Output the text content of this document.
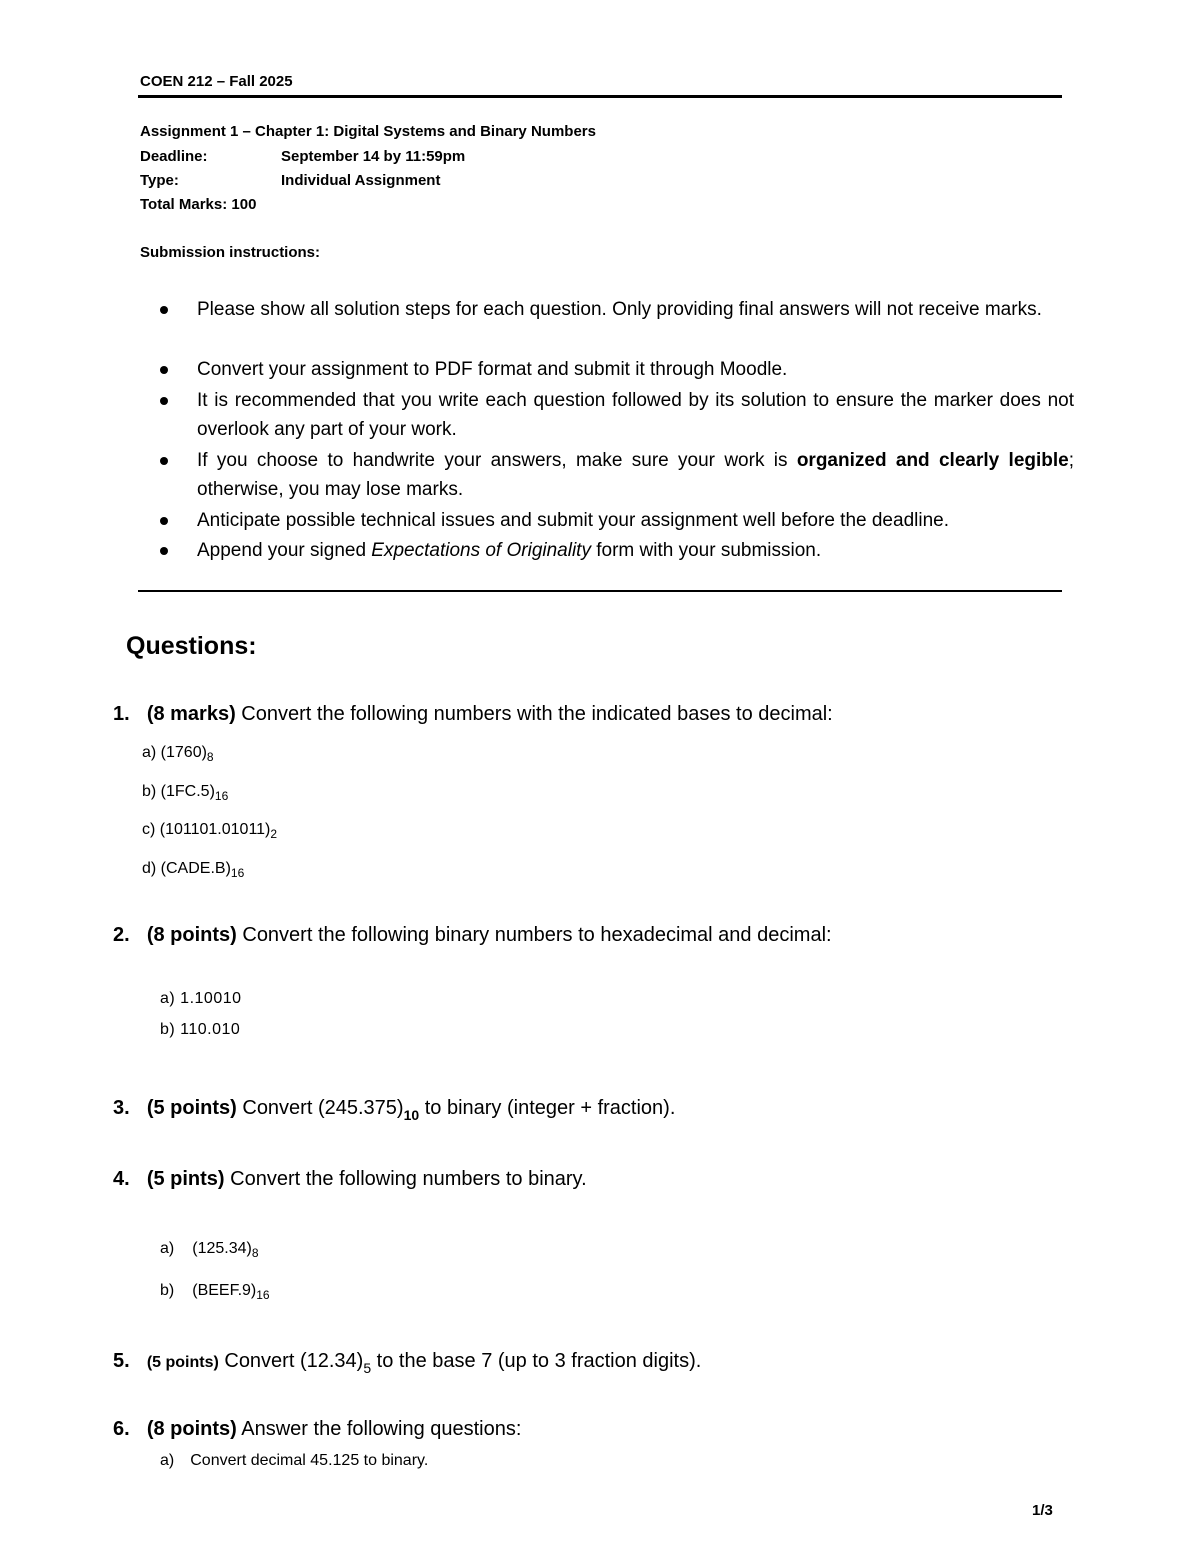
COEN 212 – Fall 2025
Assignment 1 – Chapter 1: Digital Systems and Binary Numbers
Deadline:	September 14 by 11:59pm
Type:	Individual Assignment
Total Marks: 100
Submission instructions:
Please show all solution steps for each question. Only providing final answers will not receive marks.
Convert your assignment to PDF format and submit it through Moodle.
It is recommended that you write each question followed by its solution to ensure the marker does not overlook any part of your work.
If you choose to handwrite your answers, make sure your work is organized and clearly legible; otherwise, you may lose marks.
Anticipate possible technical issues and submit your assignment well before the deadline.
Append your signed Expectations of Originality form with your submission.
Questions:
1. (8 marks) Convert the following numbers with the indicated bases to decimal:
a) $(1760)_8$
b) $(1FC.5)_{16}$
c) $(101101.01011)_2$
d) $(CADE.B)_{16}$
2. (8 points) Convert the following binary numbers to hexadecimal and decimal:
a) 1.10010
b) 110.010
3. (5 points) Convert $(245.375)_{10}$ to binary (integer + fraction).
4. (5 pints) Convert the following numbers to binary.
a) $(125.34)_8$
b) $(BEEF.9)_{16}$
5. (5 points) Convert $(12.34)_5$ to the base 7 (up to 3 fraction digits).
6. (8 points) Answer the following questions:
a) Convert decimal 45.125 to binary.
1/3
